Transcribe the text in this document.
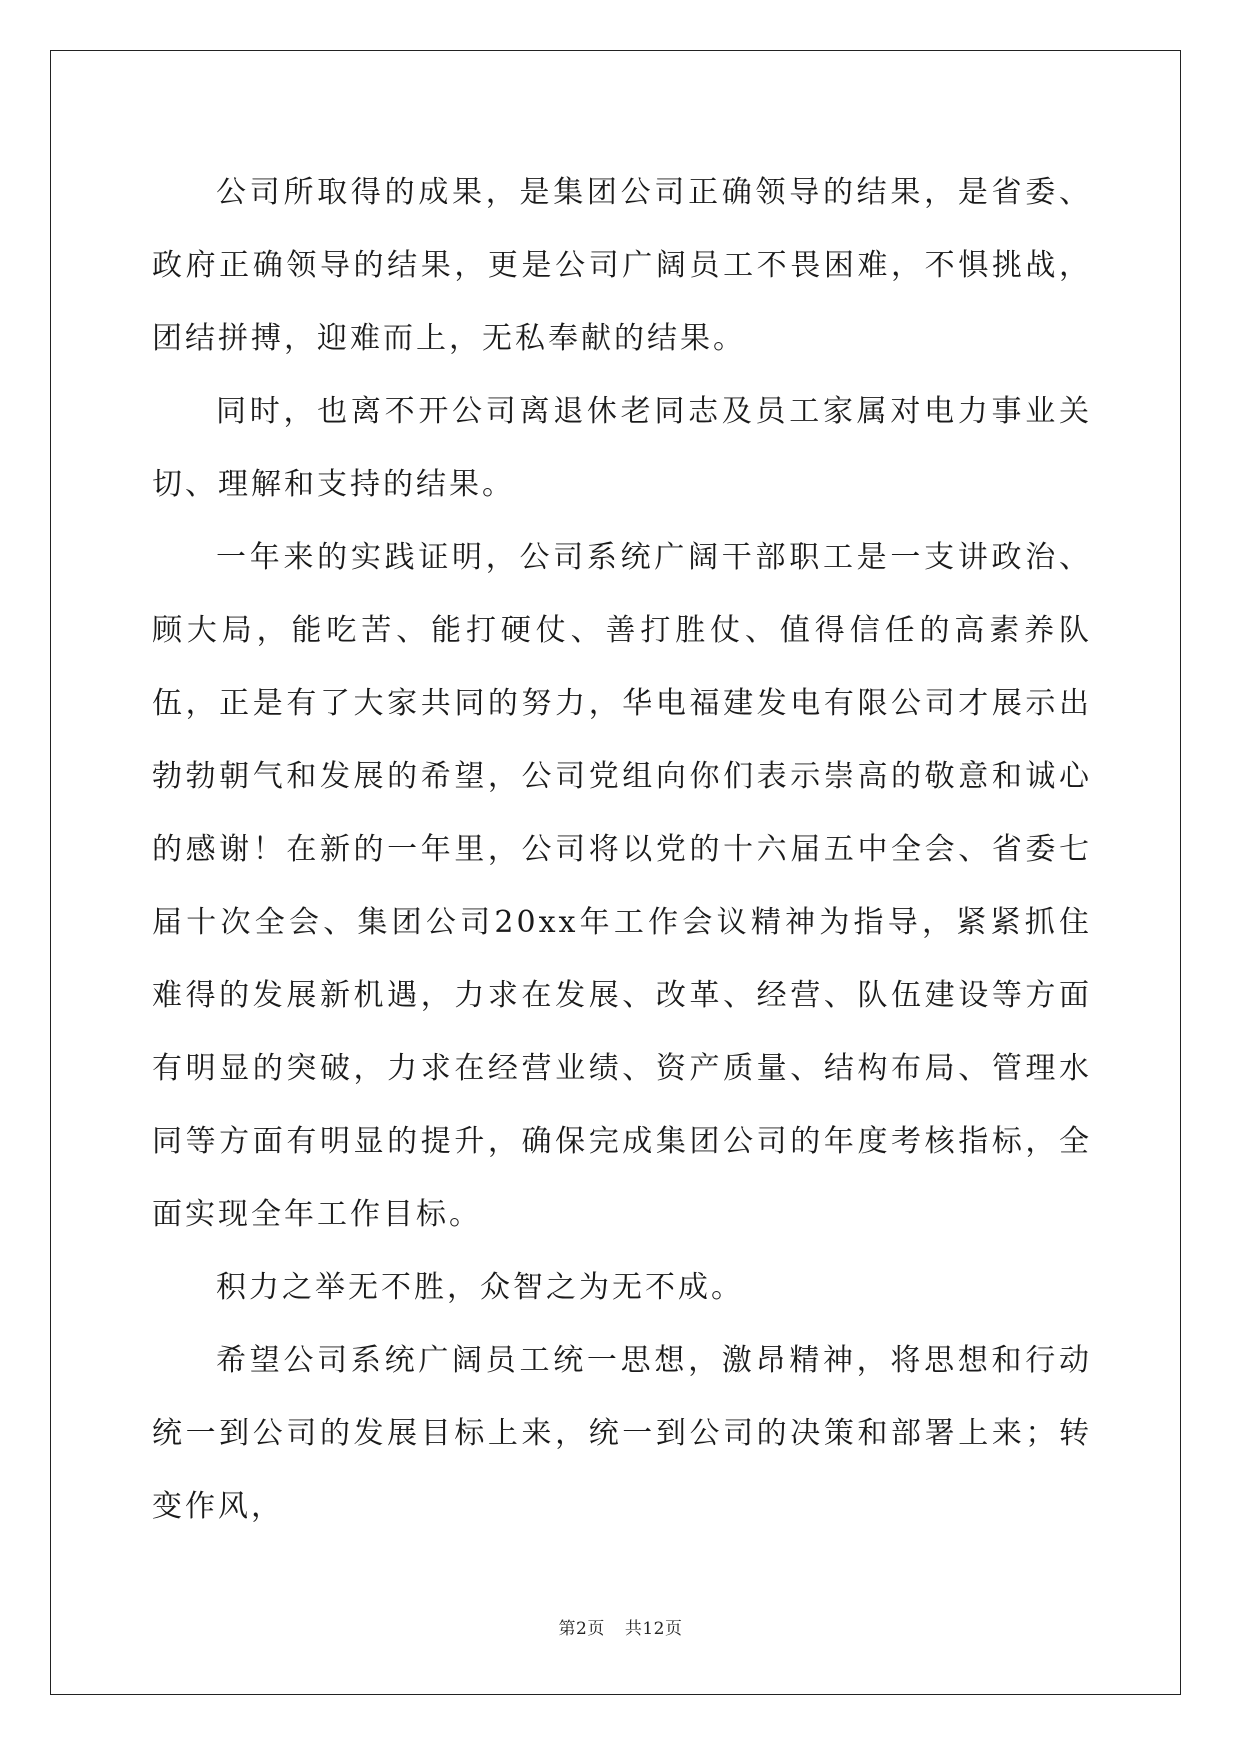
公司所取得的成果，是集团公司正确领导的结果，是省委、政府正确领导的结果，更是公司广阔员工不畏困难，不惧挑战，团结拼搏，迎难而上，无私奉献的结果。

同时，也离不开公司离退休老同志及员工家属对电力事业关切、理解和支持的结果。

一年来的实践证明，公司系统广阔干部职工是一支讲政治、顾大局，能吃苦、能打硬仗、善打胜仗、值得信任的高素养队伍，正是有了大家共同的努力，华电福建发电有限公司才展示出勃勃朝气和发展的希望，公司党组向你们表示崇高的敬意和诚心的感谢！在新的一年里，公司将以党的十六届五中全会、省委七届十次全会、集团公司20xx年工作会议精神为指导，紧紧抓住难得的发展新机遇，力求在发展、改革、经营、队伍建设等方面有明显的突破，力求在经营业绩、资产质量、结构布局、管理水同等方面有明显的提升，确保完成集团公司的年度考核指标，全面实现全年工作目标。

积力之举无不胜，众智之为无不成。

希望公司系统广阔员工统一思想，激昂精神，将思想和行动统一到公司的发展目标上来，统一到公司的决策和部署上来；转变作风，

第2页 共12页
